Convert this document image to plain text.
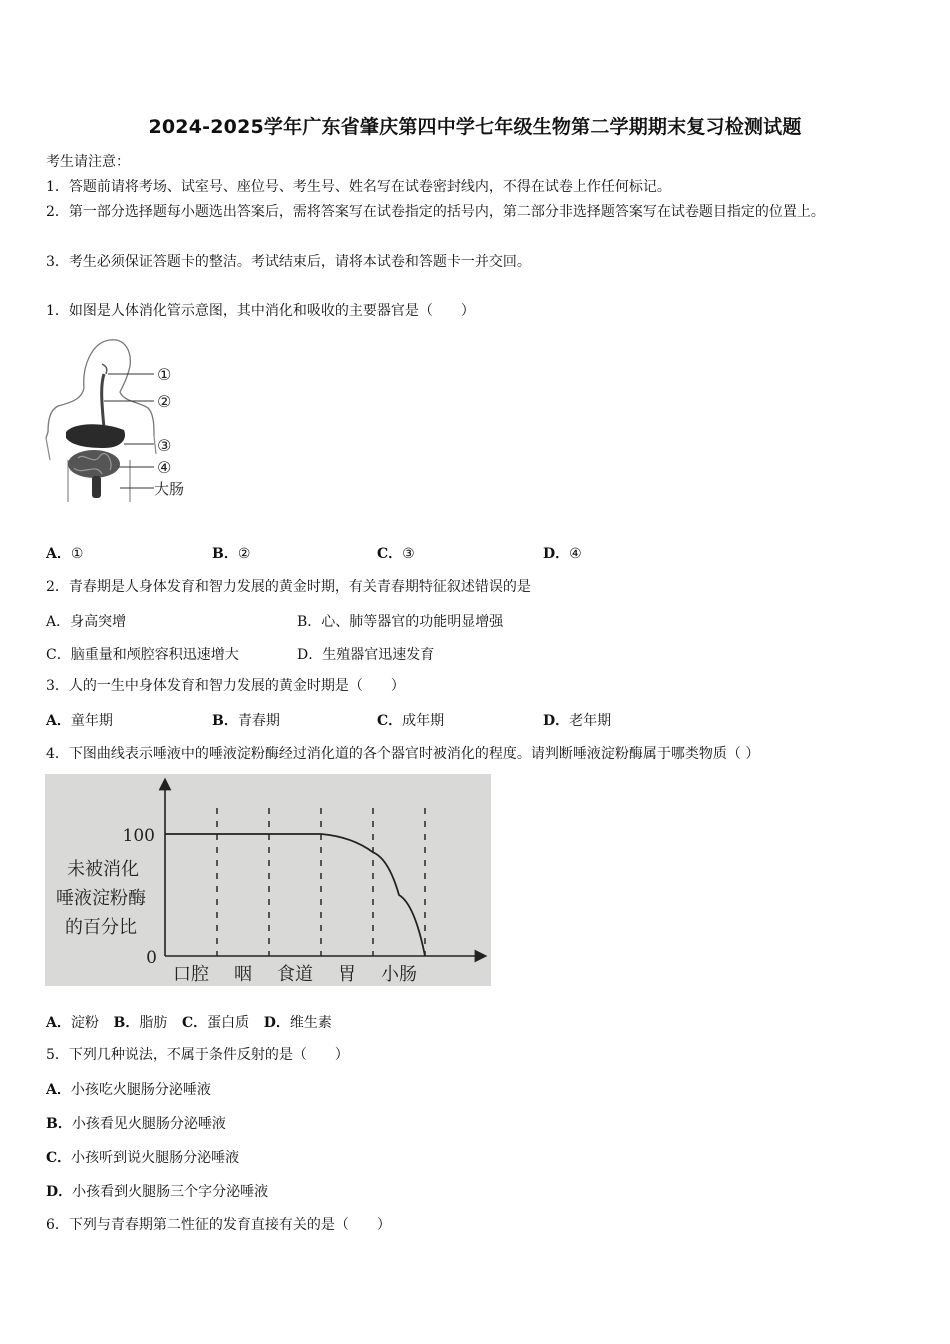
2024-2025学年广东省肇庆第四中学七年级生物第二学期期末复习检测试题
考生请注意：
1．答题前请将考场、试室号、座位号、考生号、姓名写在试卷密封线内，不得在试卷上作任何标记。
2．第一部分选择题每小题选出答案后，需将答案写在试卷指定的括号内，第二部分非选择题答案写在试卷题目指定的位置上。
3．考生必须保证答题卡的整洁。考试结束后，请将本试卷和答题卡一并交回。
1．如图是人体消化管示意图，其中消化和吸收的主要器官是（　　）
①
②
③
④
大肠
A．①	B．②	C．③	D．④
2．青春期是人身体发育和智力发展的黄金时期，有关青春期特征叙述错误的是
A．身高突增	B．心、肺等器官的功能明显增强
C．脑重量和颅腔容积迅速增大	D．生殖器官迅速发育
3．人的一生中身体发育和智力发展的黄金时期是（　　）
A．童年期	B．青春期	C．成年期	D．老年期
4．下图曲线表示唾液中的唾液淀粉酶经过消化道的各个器官时被消化的程度。请判断唾液淀粉酶属于哪类物质（ ）
100
0
未被消化
唾液淀粉酶
的百分比
口腔 咽 食道 胃 小肠
A．淀粉 B．脂肪 C．蛋白质 D．维生素
5．下列几种说法，不属于条件反射的是（　　）
A．小孩吃火腿肠分泌唾液
B．小孩看见火腿肠分泌唾液
C．小孩听到说火腿肠分泌唾液
D．小孩看到火腿肠三个字分泌唾液
6．下列与青春期第二性征的发育直接有关的是（　　）
